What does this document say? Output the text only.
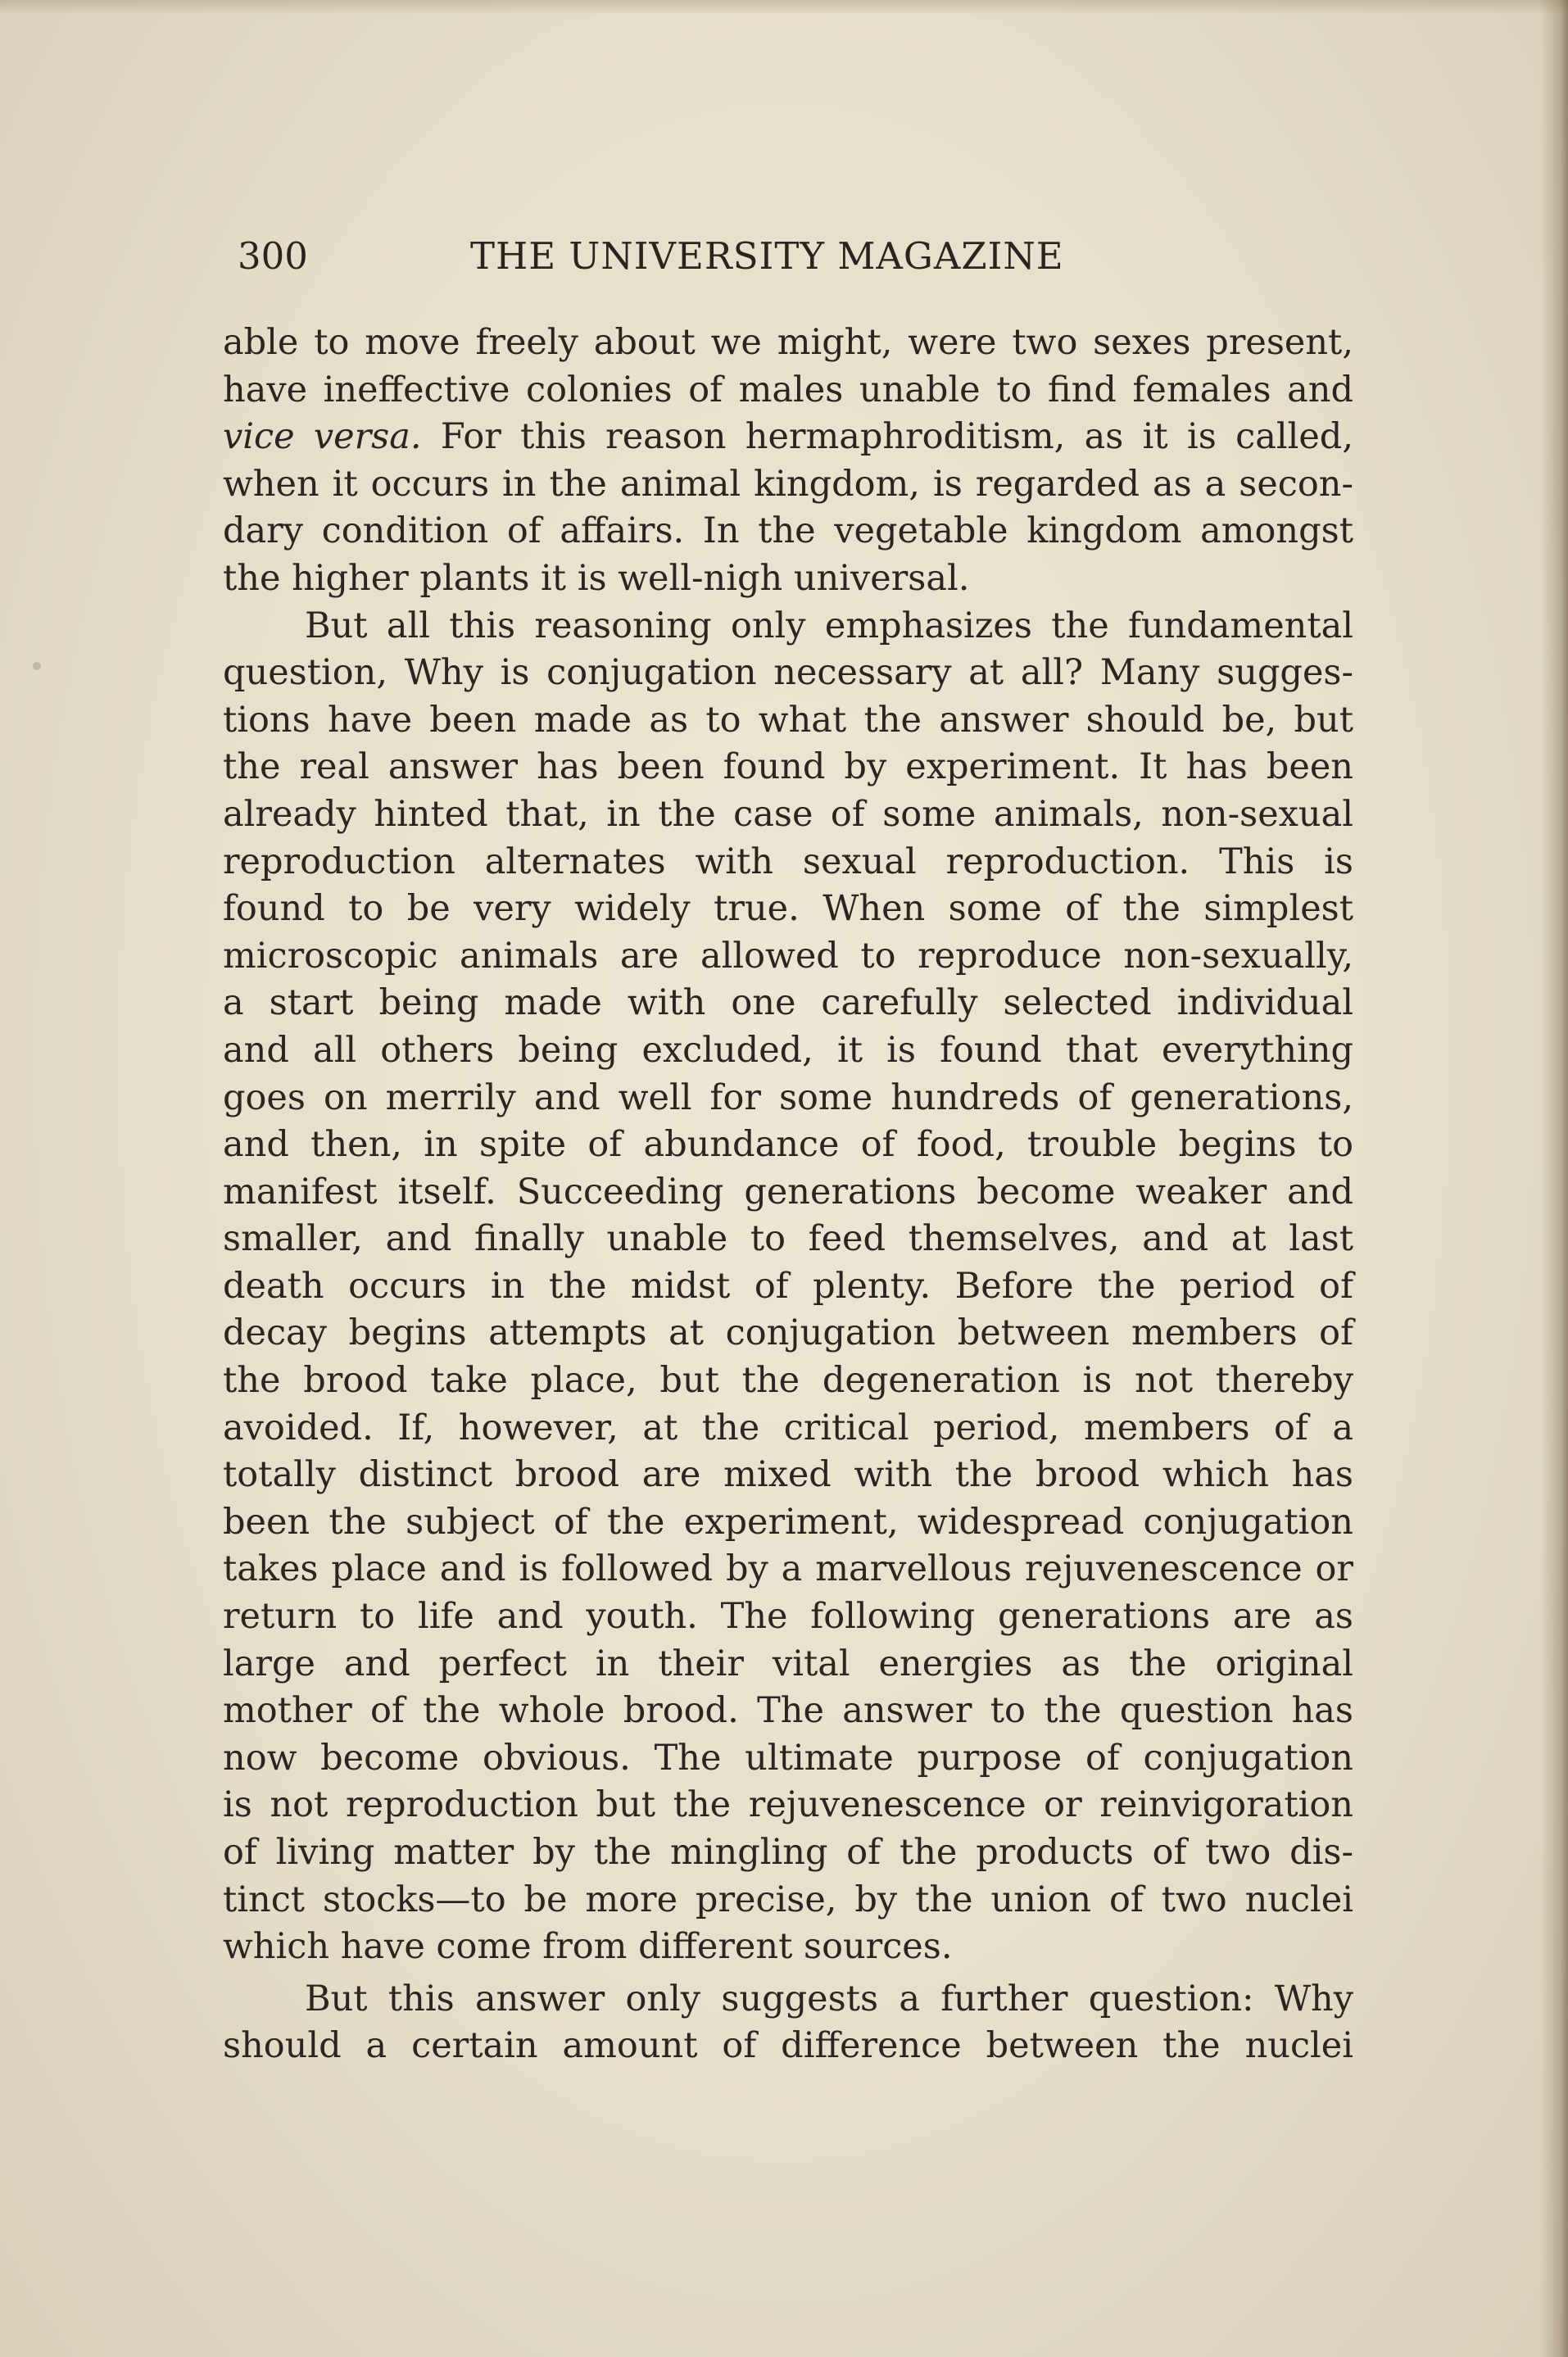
300	THE UNIVERSITY MAGAZINE
able to move freely about we might, were two sexes present,
have ineffective colonies of males unable to find females and
vice versa. For this reason hermaphroditism, as it is called,
when it occurs in the animal kingdom, is regarded as a secon-
dary condition of affairs. In the vegetable kingdom amongst
the higher plants it is well-nigh universal.
But all this reasoning only emphasizes the fundamental
question, Why is conjugation necessary at all? Many sugges-
tions have been made as to what the answer should be, but
the real answer has been found by experiment. It has been
already hinted that, in the case of some animals, non-sexual
reproduction alternates with sexual reproduction. This is
found to be very widely true. When some of the simplest
microscopic animals are allowed to reproduce non-sexually,
a start being made with one carefully selected individual
and all others being excluded, it is found that everything
goes on merrily and well for some hundreds of generations,
and then, in spite of abundance of food, trouble begins to
manifest itself. Succeeding generations become weaker and
smaller, and finally unable to feed themselves, and at last
death occurs in the midst of plenty. Before the period of
decay begins attempts at conjugation between members of
the brood take place, but the degeneration is not thereby
avoided. If, however, at the critical period, members of a
totally distinct brood are mixed with the brood which has
been the subject of the experiment, widespread conjugation
takes place and is followed by a marvellous rejuvenescence or
return to life and youth. The following generations are as
large and perfect in their vital energies as the original
mother of the whole brood. The answer to the question has
now become obvious. The ultimate purpose of conjugation
is not reproduction but the rejuvenescence or reinvigoration
of living matter by the mingling of the products of two dis-
tinct stocks—to be more precise, by the union of two nuclei
which have come from different sources.
But this answer only suggests a further question: Why
should a certain amount of difference between the nuclei
